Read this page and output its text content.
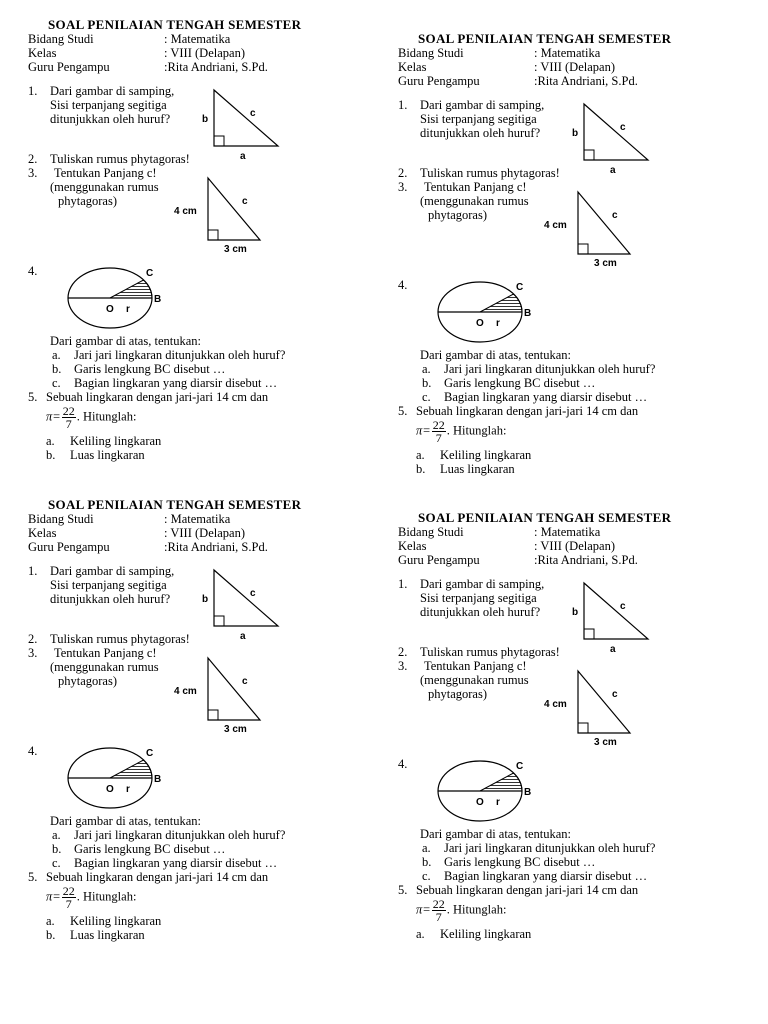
SOAL PENILAIAN TENGAH SEMESTER
Bidang Studi	: Matematika
Kelas	: VIII (Delapan)
Guru Pengampu	:Rita Andriani, S.Pd.
1. Dari gambar di samping,
Sisi terpanjang segitiga
ditunjukkan oleh huruf?	b
c
a
2. Tuliskan rumus phytagoras!
3. Tentukan Panjang c!
(menggunakan rumus
phytagoras)
4 cm
c
3 cm
4.	C
B
O r
Dari gambar di atas, tentukan:
a. Jari jari lingkaran ditunjukkan oleh huruf?
b. Garis lengkung BC disebut …
c. Bagian lingkaran yang diarsir disebut …
5. Sebuah lingkaran dengan jari-jari 14 cm dan
$\pi= \frac{22}{7}$ . Hitunglah:
a. Keliling lingkaran
b. Luas lingkaran
SOAL PENILAIAN TENGAH SEMESTER
Bidang Studi	: Matematika
Kelas	: VIII (Delapan)
Guru Pengampu	:Rita Andriani, S.Pd.
1. Dari gambar di samping,
Sisi terpanjang segitiga
ditunjukkan oleh huruf?	b
c
a
2. Tuliskan rumus phytagoras!
3. Tentukan Panjang c!
(menggunakan rumus
phytagoras)
4 cm
c
3 cm
4.	C
B
O r
Dari gambar di atas, tentukan:
a. Jari jari lingkaran ditunjukkan oleh huruf?
b. Garis lengkung BC disebut …
c. Bagian lingkaran yang diarsir disebut …
5. Sebuah lingkaran dengan jari-jari 14 cm dan
$\pi= \frac{22}{7}$ . Hitunglah:
a. Keliling lingkaran
b. Luas lingkaran
SOAL PENILAIAN TENGAH SEMESTER
Bidang Studi	: Matematika
Kelas	: VIII (Delapan)
Guru Pengampu	:Rita Andriani, S.Pd.
1. Dari gambar di samping,
Sisi terpanjang segitiga
ditunjukkan oleh huruf?	b
c
a
2. Tuliskan rumus phytagoras!
3. Tentukan Panjang c!
(menggunakan rumus
phytagoras)
4 cm
c
3 cm
4.	C
B
O r
Dari gambar di atas, tentukan:
a. Jari jari lingkaran ditunjukkan oleh huruf?
b. Garis lengkung BC disebut …
c. Bagian lingkaran yang diarsir disebut …
5. Sebuah lingkaran dengan jari-jari 14 cm dan
$\pi= \frac{22}{7}$ . Hitunglah:
a. Keliling lingkaran
b. Luas lingkaran
SOAL PENILAIAN TENGAH SEMESTER
Bidang Studi	: Matematika
Kelas	: VIII (Delapan)
Guru Pengampu	:Rita Andriani, S.Pd.
1. Dari gambar di samping,
Sisi terpanjang segitiga
ditunjukkan oleh huruf?	b
c
a
2. Tuliskan rumus phytagoras!
3. Tentukan Panjang c!
(menggunakan rumus
phytagoras)
4 cm
c
3 cm
4.	C
B
O r
Dari gambar di atas, tentukan:
a. Jari jari lingkaran ditunjukkan oleh huruf?
b. Garis lengkung BC disebut …
c. Bagian lingkaran yang diarsir disebut …
5. Sebuah lingkaran dengan jari-jari 14 cm dan
$\pi= \frac{22}{7}$ . Hitunglah:
a. Keliling lingkaran
